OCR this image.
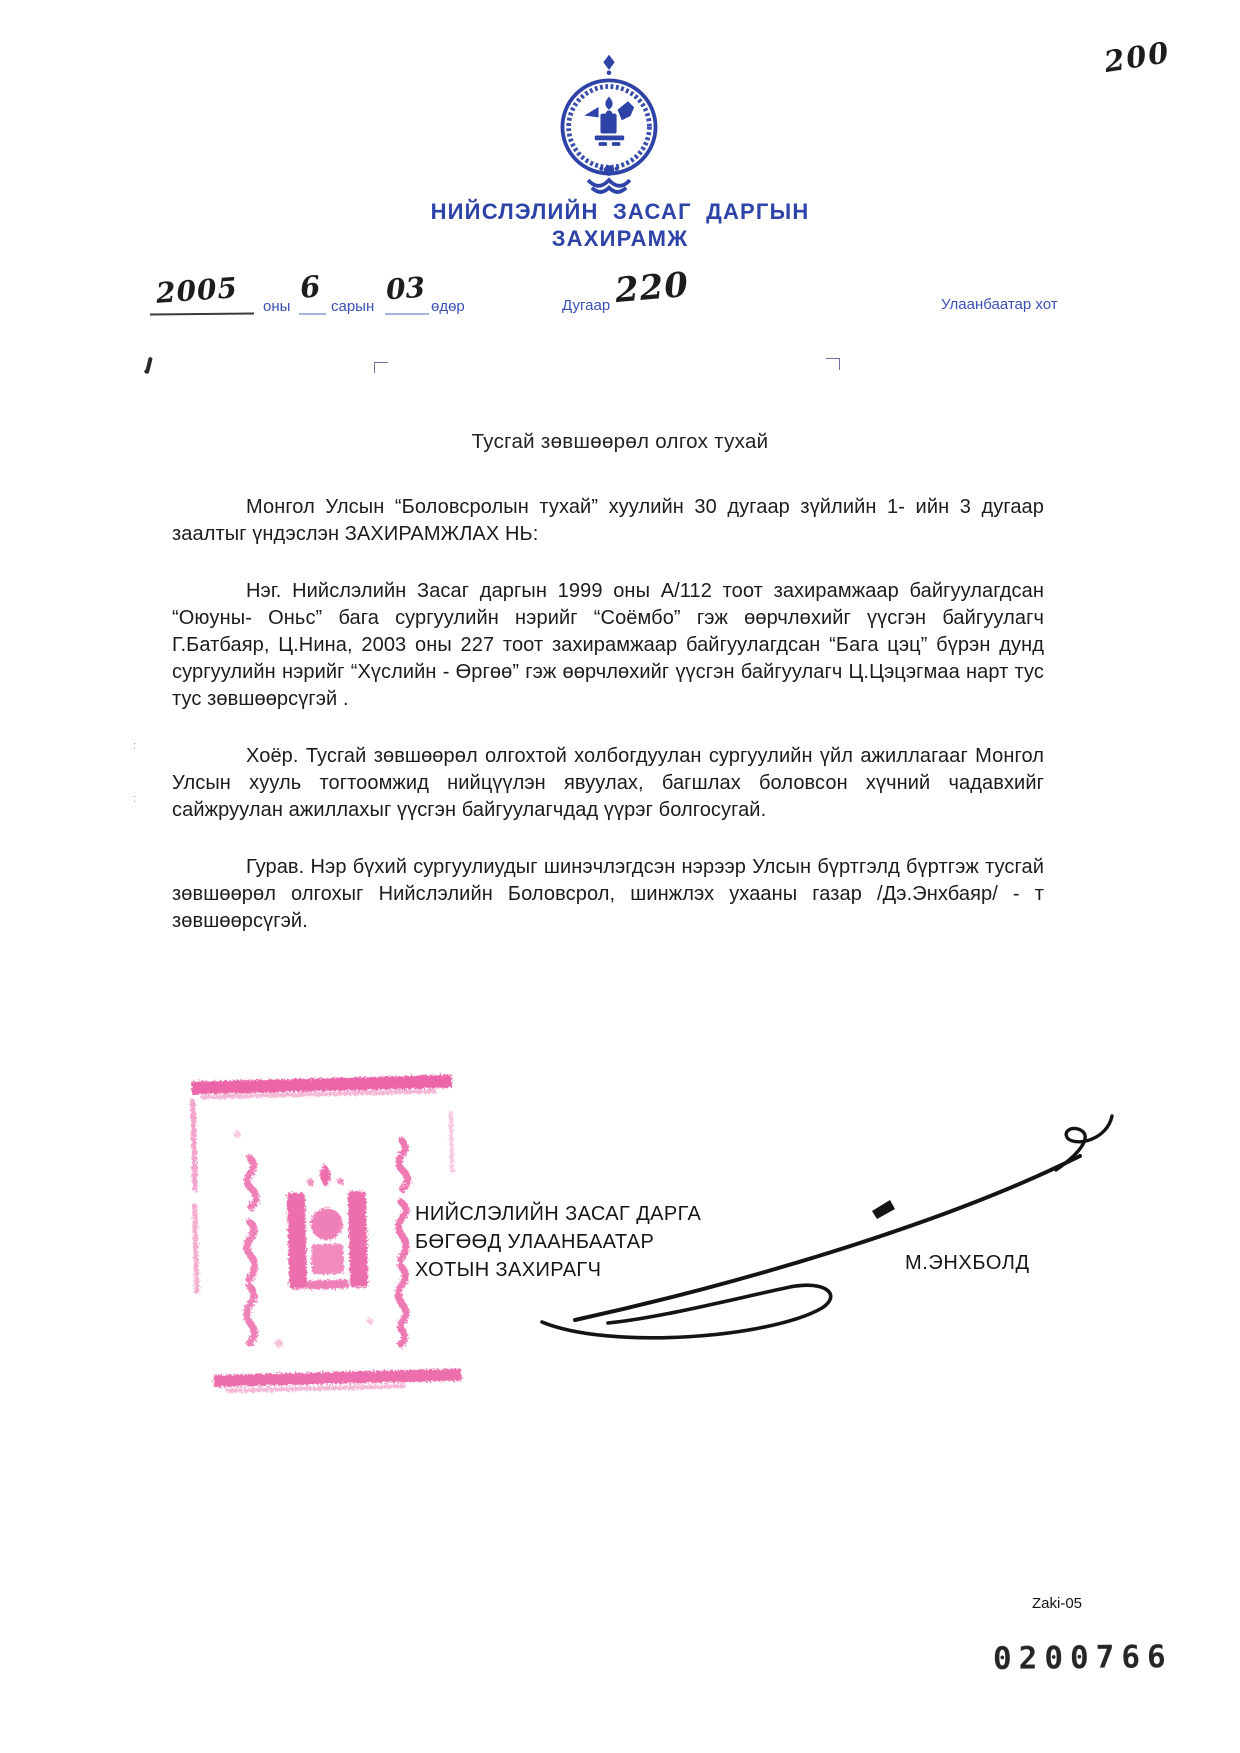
200
НИЙСЛЭЛИЙН ЗАСАГ ДАРГЫН
ЗАХИРАМЖ
2005 оны
6
сарын
03
өдөр	Дугаар 220	Улаанбаатар хот
:
:
Тусгай зөвшөөрөл олгох тухай

Монгол Улсын “Боловсролын тухай” хуулийн 30 дугаар зүйлийн 1- ийн 3 дугаар заалтыг үндэслэн ЗАХИРАМЖЛАХ НЬ:

Нэг. Нийслэлийн Засаг даргын 1999 оны А/112 тоот захирамжаар байгуулагдсан “Оюуны- Оньс” бага сургуулийн нэрийг “Соёмбо” гэж өөрчлөхийг үүсгэн байгуулагч Г.Батбаяр, Ц.Нина, 2003 оны 227 тоот захирамжаар байгуулагдсан “Бага цэц” бүрэн дунд сургуулийн нэрийг “Хүслийн - Өргөө” гэж өөрчлөхийг үүсгэн байгуулагч Ц.Цэцэгмаа нарт тус тус зөвшөөрсүгэй .

Хоёр. Тусгай зөвшөөрөл олгохтой холбогдуулан сургуулийн үйл ажиллагааг Монгол Улсын хууль тогтоомжид нийцүүлэн явуулах, багшлах боловсон хүчний чадавхийг сайжруулан ажиллахыг үүсгэн байгуулагчдад үүрэг болгосугай.

Гурав. Нэр бүхий сургуулиудыг шинэчлэгдсэн нэрээр Улсын бүртгэлд бүртгэж тусгай зөвшөөрөл олгохыг Нийслэлийн Боловсрол, шинжлэх ухааны газар /Дэ.Энхбаяр/ - т зөвшөөрсүгэй.

НИЙСЛЭЛИЙН ЗАСАГ ДАРГА
БӨГӨӨД УЛААНБААТАР
ХОТЫН ЗАХИРАГЧ	М.ЭНХБОЛД
Zaki-05
0200766
